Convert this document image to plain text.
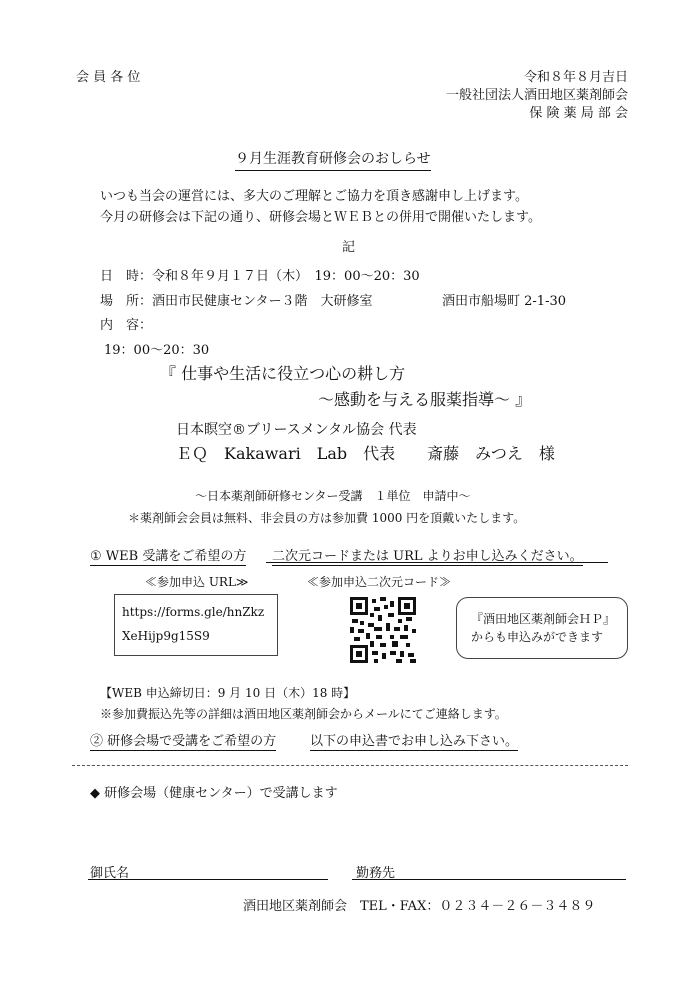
会 員 各 位	令和８年８月吉日
一般社団法人酒田地区薬剤師会
保 険 薬 局 部 会
９月生涯教育研修会のおしらせ
いつも当会の運営には、多大のご理解とご協力を頂き感謝申し上げます。
今月の研修会は下記の通り、研修会場とＷＥＢとの併用で開催いたします。
記
日　時：令和８年９月１７日（木）　19：00〜20：30
場　所：酒田市民健康センター３階　大研修室	酒田市船場町 2-1-30
内　容：
19：00〜20：30
『 仕事や生活に役立つ心の耕し方
〜感動を与える服薬指導〜 』
日本瞑空®ブリースメンタル協会 代表
ＥＱ　Kakawari　Lab　代表　　斎藤　みつえ　様
〜日本薬剤師研修センター受講　１単位　申請中〜
＊薬剤師会会員は無料、非会員の方は参加費 1000 円を頂戴いたします。
① WEB 受講をご希望の方 二次元コードまたは URL よりお申し込みください。
≪参加申込 URL≫	≪参加申込二次元コード≫
https://forms.gle/hnZkz
XeHijp9g15S9
『酒田地区薬剤師会ＨＰ』
からも申込みができます
【WEB 申込締切日：9 月 10 日（木）18 時】
※参加費振込先等の詳細は酒田地区薬剤師会からメールにてご連絡します。
② 研修会場で受講をご希望の方	以下の申込書でお申し込み下さい。
◆ 研修会場（健康センター）で受講します
御氏名	勤務先
酒田地区薬剤師会　TEL・FAX：０２３４－２６－３４８９
